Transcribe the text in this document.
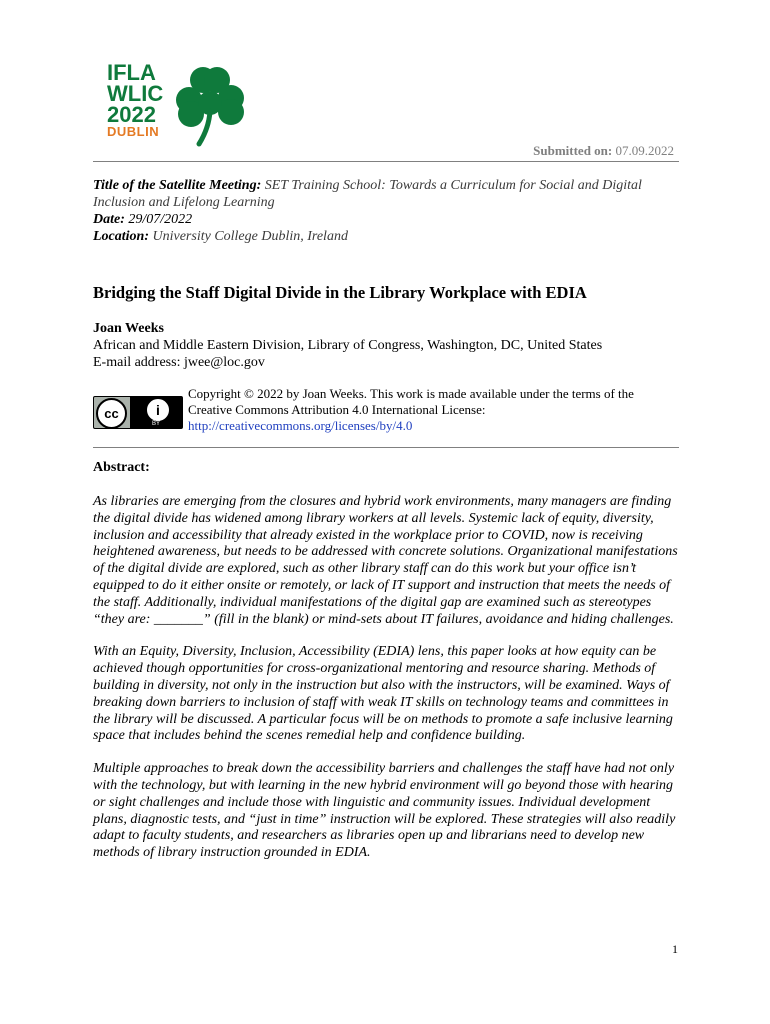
IFLA
WLIC
2022
DUBLIN
Submitted on: 07.09.2022
Title of the Satellite Meeting: SET Training School: Towards a Curriculum for Social and Digital Inclusion and Lifelong Learning
Date: 29/07/2022
Location: University College Dublin, Ireland
Bridging the Staff Digital Divide in the Library Workplace with EDIA
Joan Weeks
African and Middle Eastern Division, Library of Congress, Washington, DC, United States
E-mail address: jwee@loc.gov
cc	i
BY
Copyright © 2022 by Joan Weeks. This work is made available under the terms of the Creative Commons Attribution 4.0 International License:
http://creativecommons.org/licenses/by/4.0
Abstract:

As libraries are emerging from the closures and hybrid work environments, many managers are finding the digital divide has widened among library workers at all levels. Systemic lack of equity, diversity, inclusion and accessibility that already existed in the workplace prior to COVID, now is receiving heightened awareness, but needs to be addressed with concrete solutions. Organizational manifestations of the digital divide are explored, such as other library staff can do this work but your office isn’t equipped to do it either onsite or remotely, or lack of IT support and instruction that meets the needs of the staff. Additionally, individual manifestations of the digital gap are examined such as stereotypes “they are: _______” (fill in the blank) or mind-sets about IT failures, avoidance and hiding challenges.

With an Equity, Diversity, Inclusion, Accessibility (EDIA) lens, this paper looks at how equity can be achieved though opportunities for cross-organizational mentoring and resource sharing. Methods of building in diversity, not only in the instruction but also with the instructors, will be examined. Ways of breaking down barriers to inclusion of staff with weak IT skills on technology teams and committees in the library will be discussed. A particular focus will be on methods to promote a safe inclusive learning space that includes behind the scenes remedial help and confidence building.

Multiple approaches to break down the accessibility barriers and challenges the staff have had not only with the technology, but with learning in the new hybrid environment will go beyond those with hearing or sight challenges and include those with linguistic and community issues. Individual development plans, diagnostic tests, and “just in time” instruction will be explored. These strategies will also readily adapt to faculty students, and researchers as libraries open up and librarians need to develop new methods of library instruction grounded in EDIA.

1
